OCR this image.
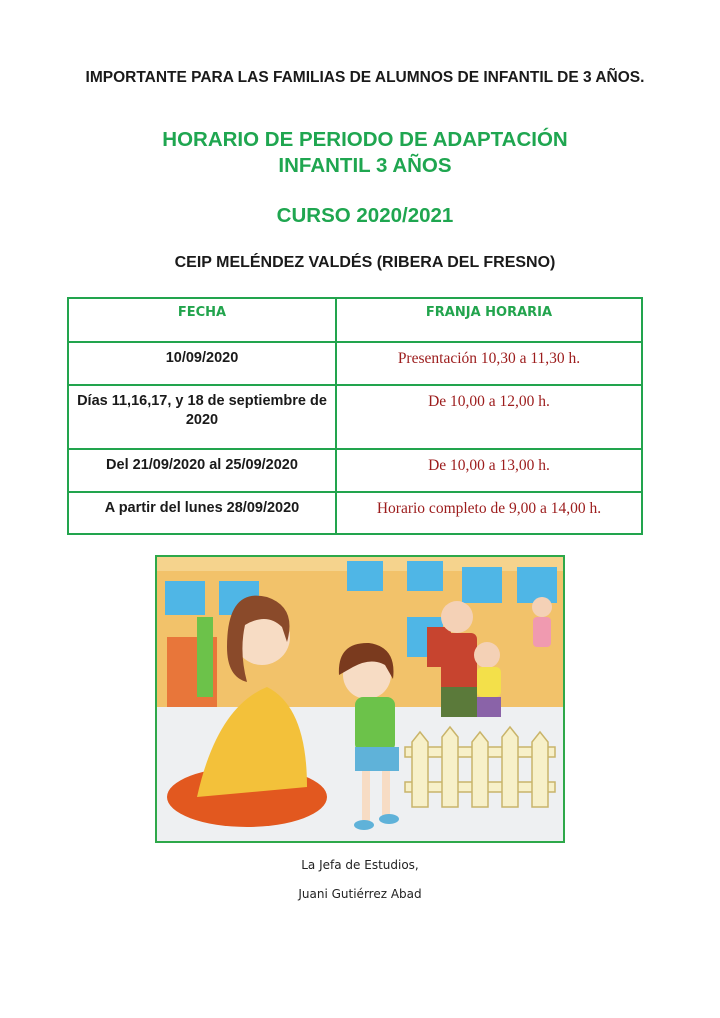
IMPORTANTE PARA LAS FAMILIAS DE ALUMNOS DE INFANTIL DE 3 AÑOS.
HORARIO DE PERIODO DE ADAPTACIÓN
INFANTIL 3 AÑOS
CURSO 2020/2021
CEIP MELÉNDEZ VALDÉS (RIBERA DEL FRESNO)
FECHA	FRANJA HORARIA
10/09/2020	Presentación 10,30 a 11,30 h.
Días 11,16,17, y 18 de septiembre de 2020	De 10,00 a 12,00 h.
Del 21/09/2020 al 25/09/2020	De 10,00 a 13,00 h.
A partir del lunes 28/09/2020	Horario completo de 9,00 a 14,00 h.
La Jefa de Estudios,
Juani Gutiérrez Abad
